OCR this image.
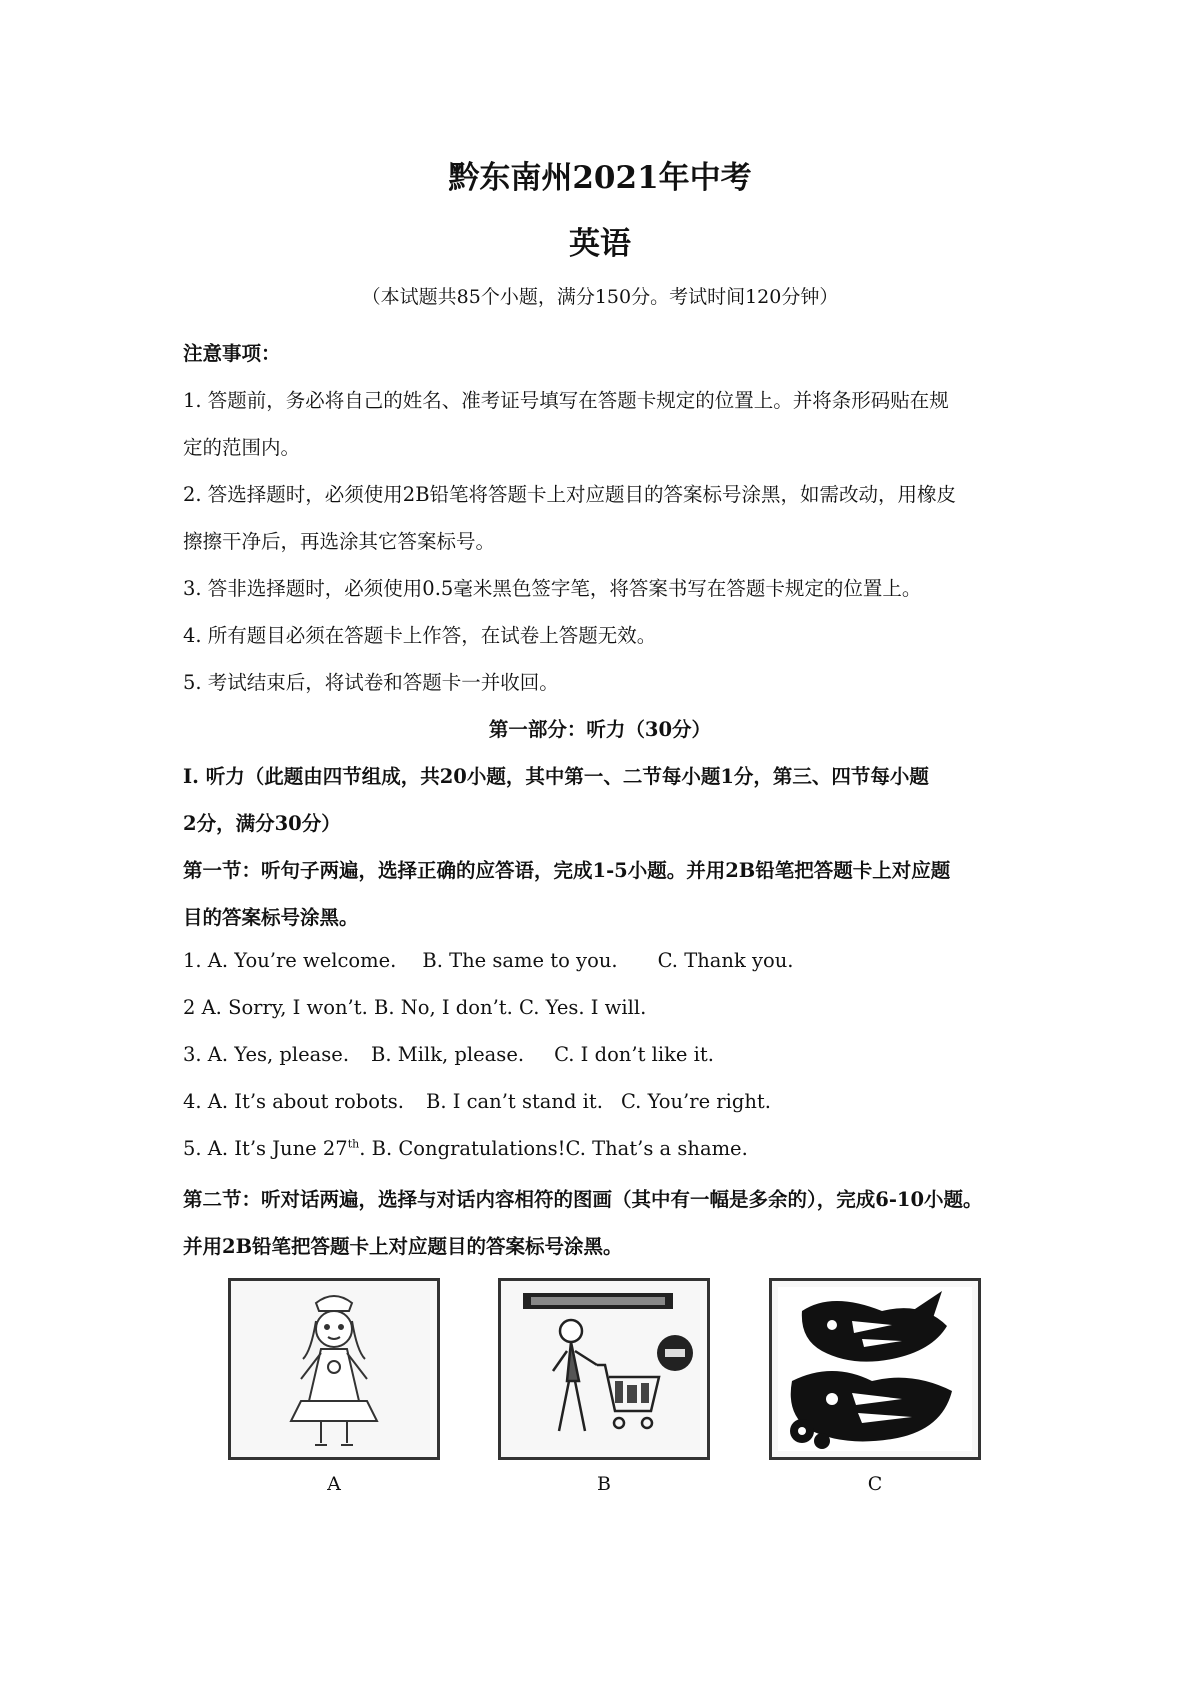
黔东南州2021年中考
英语
（本试题共85个小题，满分150分。考试时间120分钟）
注意事项：
1. 答题前，务必将自己的姓名、准考证号填写在答题卡规定的位置上。并将条形码贴在规
定的范围内。
2. 答选择题时，必须使用2B铅笔将答题卡上对应题目的答案标号涂黑，如需改动，用橡皮
擦擦干净后，再选涂其它答案标号。
3. 答非选择题时，必须使用0.5毫米黑色签字笔，将答案书写在答题卡规定的位置上。
4. 所有题目必须在答题卡上作答，在试卷上答题无效。
5. 考试结束后，将试卷和答题卡一并收回。
第一部分：听力（30分）
Ⅰ. 听力（此题由四节组成，共20小题，其中第一、二节每小题1分，第三、四节每小题
2分，满分30分）
第一节：听句子两遍，选择正确的应答语，完成1-5小题。并用2B铅笔把答题卡上对应题
目的答案标号涂黑。
1. A. You’re welcome. B. The same to you. C. Thank you.
2 A. Sorry, I won’t. B. No, I don’t. C. Yes. I will.
3. A. Yes, please. B. Milk, please. C. I don’t like it.
4. A. It’s about robots. B. I can’t stand it. C. You’re right.
5. A. It’s June 27th. B. Congratulations!C. That’s a shame.
第二节：听对话两遍，选择与对话内容相符的图画（其中有一幅是多余的），完成6-10小题。
并用2B铅笔把答题卡上对应题目的答案标号涂黑。
A	B	C
